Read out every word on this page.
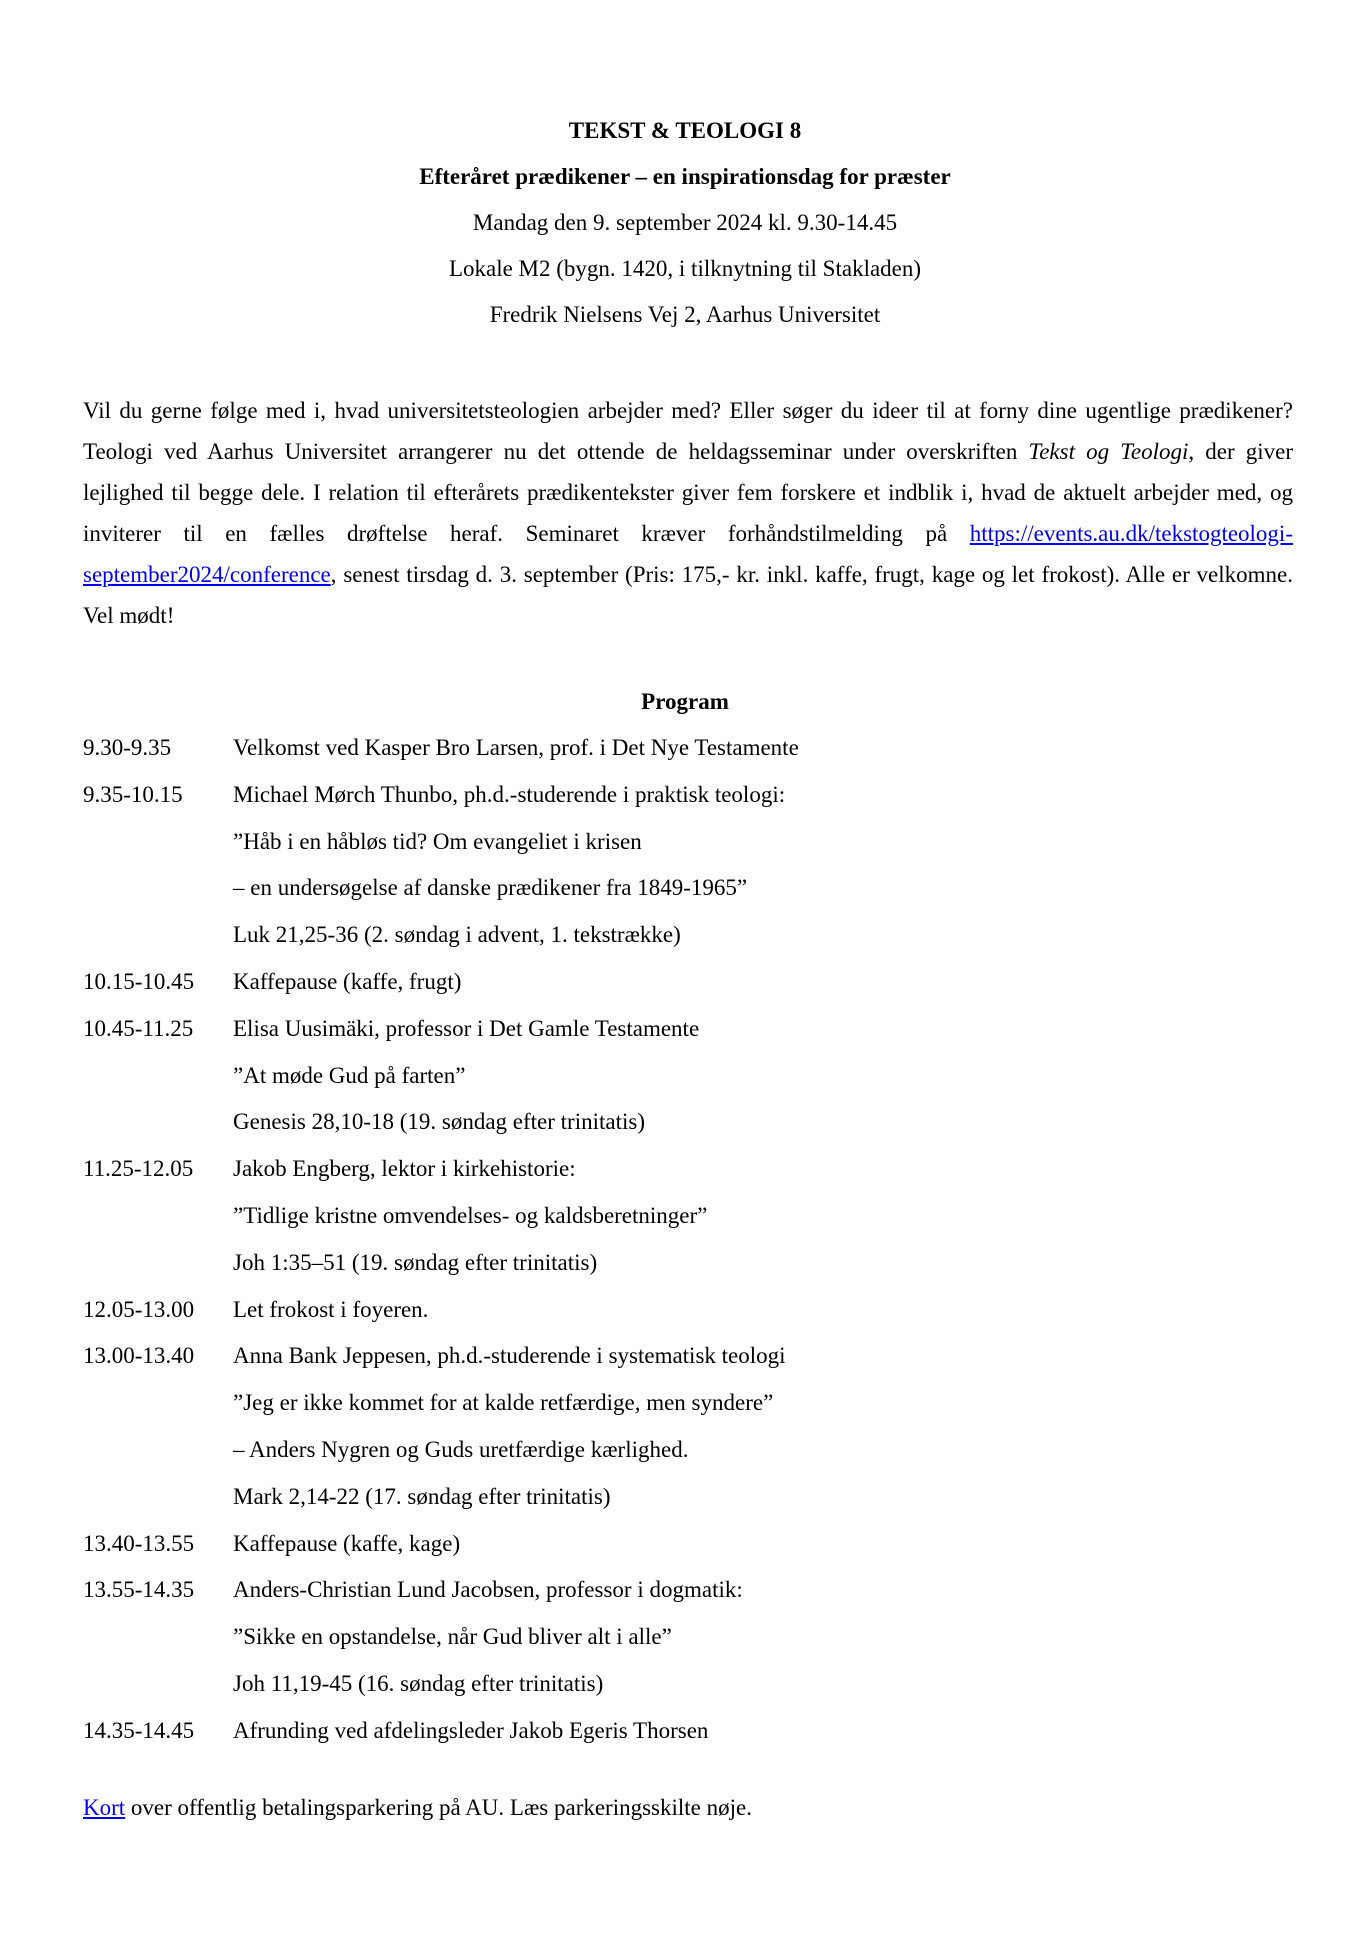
TEKST & TEOLOGI 8
Efteråret prædikener – en inspirationsdag for præster
Mandag den 9. september 2024 kl. 9.30-14.45
Lokale M2 (bygn. 1420, i tilknytning til Stakladen)
Fredrik Nielsens Vej 2, Aarhus Universitet
Vil du gerne følge med i, hvad universitetsteologien arbejder med? Eller søger du ideer til at forny dine ugentlige prædikener? Teologi ved Aarhus Universitet arrangerer nu det ottende de heldagsseminar under overskriften Tekst og Teologi, der giver lejlighed til begge dele. I relation til efterårets prædikentekster giver fem forskere et indblik i, hvad de aktuelt arbejder med, og inviterer til en fælles drøftelse heraf. Seminaret kræver forhåndstilmelding på https://events.au.dk/tekstogteologi-september2024/conference, senest tirsdag d. 3. september (Pris: 175,- kr. inkl. kaffe, frugt, kage og let frokost). Alle er velkomne. Vel mødt!
Program
9.30-9.35	Velkomst ved Kasper Bro Larsen, prof. i Det Nye Testamente
9.35-10.15	Michael Mørch Thunbo, ph.d.-studerende i praktisk teologi:
”Håb i en håbløs tid? Om evangeliet i krisen
– en undersøgelse af danske prædikener fra 1849-1965”
Luk 21,25-36 (2. søndag i advent, 1. tekstrække)
10.15-10.45	Kaffepause (kaffe, frugt)
10.45-11.25	Elisa Uusimäki, professor i Det Gamle Testamente
”At møde Gud på farten”
Genesis 28,10-18 (19. søndag efter trinitatis)
11.25-12.05	Jakob Engberg, lektor i kirkehistorie:
”Tidlige kristne omvendelses- og kaldsberetninger”
Joh 1:35–51 (19. søndag efter trinitatis)
12.05-13.00	Let frokost i foyeren.
13.00-13.40	Anna Bank Jeppesen, ph.d.-studerende i systematisk teologi
”Jeg er ikke kommet for at kalde retfærdige, men syndere”
– Anders Nygren og Guds uretfærdige kærlighed.
Mark 2,14-22 (17. søndag efter trinitatis)
13.40-13.55	Kaffepause (kaffe, kage)
13.55-14.35	Anders-Christian Lund Jacobsen, professor i dogmatik:
”Sikke en opstandelse, når Gud bliver alt i alle”
Joh 11,19-45 (16. søndag efter trinitatis)
14.35-14.45	Afrunding ved afdelingsleder Jakob Egeris Thorsen
Kort over offentlig betalingsparkering på AU. Læs parkeringsskilte nøje.
